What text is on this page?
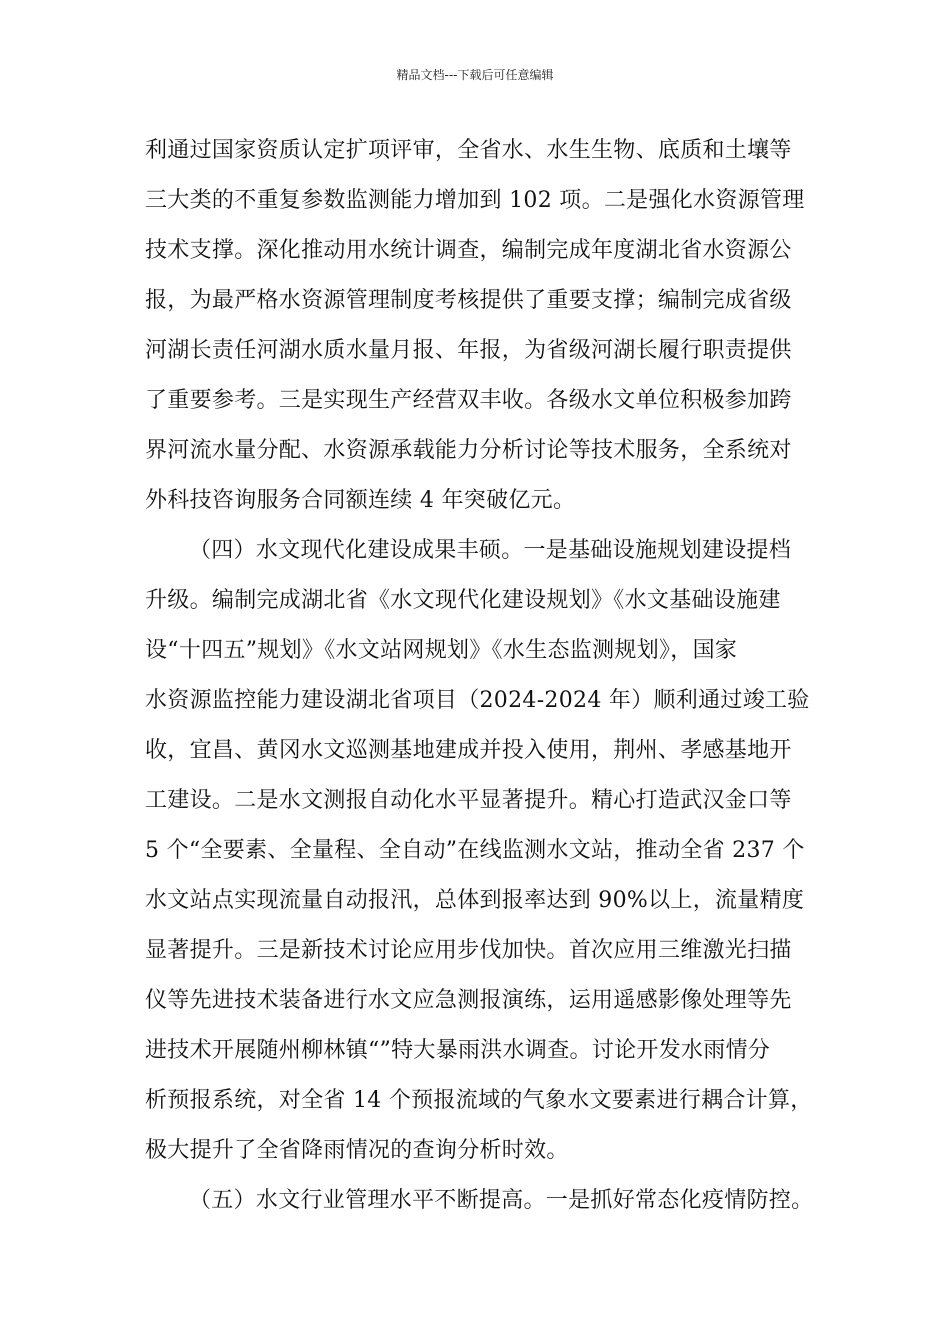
精品文档---下载后可任意编辑
利通过国家资质认定扩项评审，全省水、水生生物、底质和土壤等
三大类的不重复参数监测能力增加到 102 项。二是强化水资源管理
技术支撑。深化推动用水统计调查，编制完成年度湖北省水资源公
报，为最严格水资源管理制度考核提供了重要支撑；编制完成省级
河湖长责任河湖水质水量月报、年报，为省级河湖长履行职责提供
了重要参考。三是实现生产经营双丰收。各级水文单位积极参加跨
界河流水量分配、水资源承载能力分析讨论等技术服务，全系统对
外科技咨询服务合同额连续 4 年突破亿元。
（四）水文现代化建设成果丰硕。一是基础设施规划建设提档
升级。编制完成湖北省《水文现代化建设规划》《水文基础设施建
设“十四五”规划》《水文站网规划》《水生态监测规划》，国家
水资源监控能力建设湖北省项目（2024-2024 年）顺利通过竣工验
收，宜昌、黄冈水文巡测基地建成并投入使用，荆州、孝感基地开
工建设。二是水文测报自动化水平显著提升。精心打造武汉金口等
5 个“全要素、全量程、全自动”在线监测水文站，推动全省 237 个
水文站点实现流量自动报汛，总体到报率达到 90%以上，流量精度
显著提升。三是新技术讨论应用步伐加快。首次应用三维激光扫描
仪等先进技术装备进行水文应急测报演练，运用遥感影像处理等先
进技术开展随州柳林镇“”特大暴雨洪水调查。讨论开发水雨情分
析预报系统，对全省 14 个预报流域的气象水文要素进行耦合计算，
极大提升了全省降雨情况的查询分析时效。
（五）水文行业管理水平不断提高。一是抓好常态化疫情防控。
